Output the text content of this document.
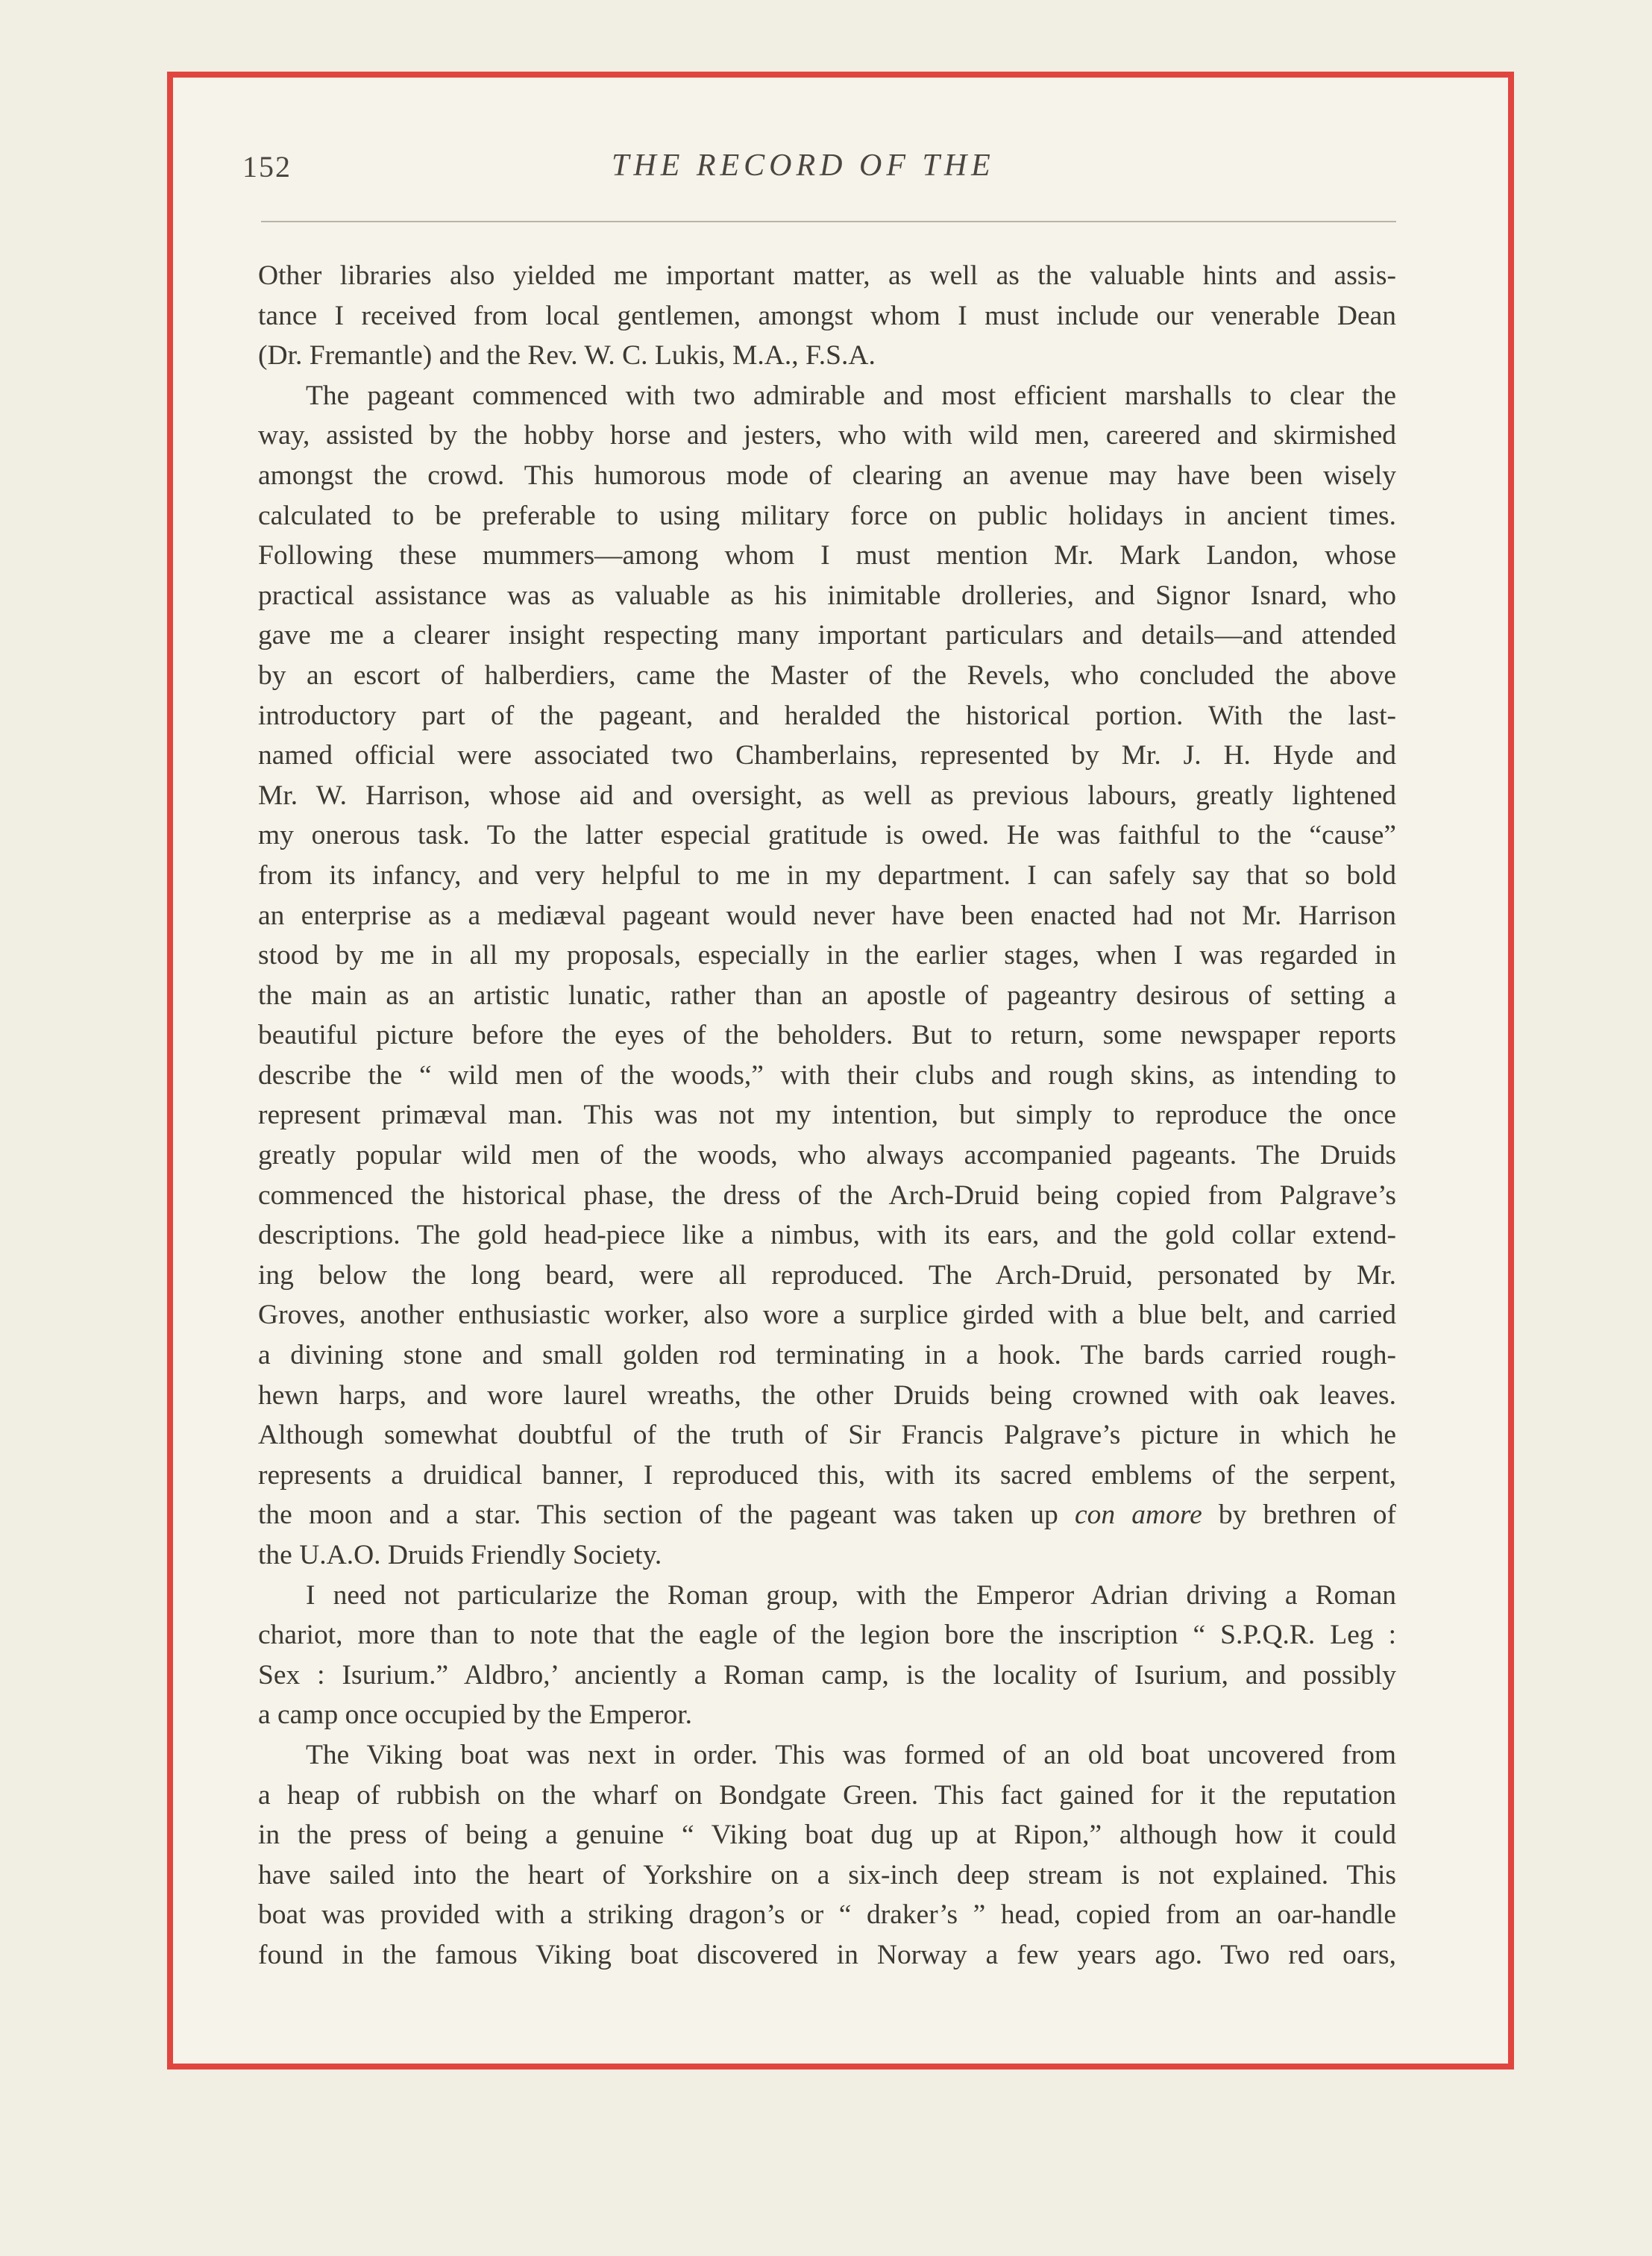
152	THE RECORD OF THE
Other libraries also yielded me important matter, as well as the valuable hints and assis-
tance I received from local gentlemen, amongst whom I must include our venerable Dean
(Dr. Fremantle) and the Rev. W. C. Lukis, M.A., F.S.A.
The pageant commenced with two admirable and most efficient marshalls to clear the
way, assisted by the hobby horse and jesters, who with wild men, careered and skirmished
amongst the crowd. This humorous mode of clearing an avenue may have been wisely
calculated to be preferable to using military force on public holidays in ancient times.
Following these mummers—among whom I must mention Mr. Mark Landon, whose
practical assistance was as valuable as his inimitable drolleries, and Signor Isnard, who
gave me a clearer insight respecting many important particulars and details—and attended
by an escort of halberdiers, came the Master of the Revels, who concluded the above
introductory part of the pageant, and heralded the historical portion. With the last-
named official were associated two Chamberlains, represented by Mr. J. H. Hyde and
Mr. W. Harrison, whose aid and oversight, as well as previous labours, greatly lightened
my onerous task. To the latter especial gratitude is owed. He was faithful to the “cause”
from its infancy, and very helpful to me in my department. I can safely say that so bold
an enterprise as a mediæval pageant would never have been enacted had not Mr. Harrison
stood by me in all my proposals, especially in the earlier stages, when I was regarded in
the main as an artistic lunatic, rather than an apostle of pageantry desirous of setting a
beautiful picture before the eyes of the beholders. But to return, some newspaper reports
describe the “ wild men of the woods,” with their clubs and rough skins, as intending to
represent primæval man. This was not my intention, but simply to reproduce the once
greatly popular wild men of the woods, who always accompanied pageants. The Druids
commenced the historical phase, the dress of the Arch-Druid being copied from Palgrave’s
descriptions. The gold head-piece like a nimbus, with its ears, and the gold collar extend-
ing below the long beard, were all reproduced. The Arch-Druid, personated by Mr.
Groves, another enthusiastic worker, also wore a surplice girded with a blue belt, and carried
a divining stone and small golden rod terminating in a hook. The bards carried rough-
hewn harps, and wore laurel wreaths, the other Druids being crowned with oak leaves.
Although somewhat doubtful of the truth of Sir Francis Palgrave’s picture in which he
represents a druidical banner, I reproduced this, with its sacred emblems of the serpent,
the moon and a star. This section of the pageant was taken up con amore by brethren of
the U.A.O. Druids Friendly Society.
I need not particularize the Roman group, with the Emperor Adrian driving a Roman
chariot, more than to note that the eagle of the legion bore the inscription “ S.P.Q.R. Leg :
Sex : Isurium.” Aldbro,’ anciently a Roman camp, is the locality of Isurium, and possibly
a camp once occupied by the Emperor.
The Viking boat was next in order. This was formed of an old boat uncovered from
a heap of rubbish on the wharf on Bondgate Green. This fact gained for it the reputation
in the press of being a genuine “ Viking boat dug up at Ripon,” although how it could
have sailed into the heart of Yorkshire on a six-inch deep stream is not explained. This
boat was provided with a striking dragon’s or “ draker’s ” head, copied from an oar-handle
found in the famous Viking boat discovered in Norway a few years ago. Two red oars,
